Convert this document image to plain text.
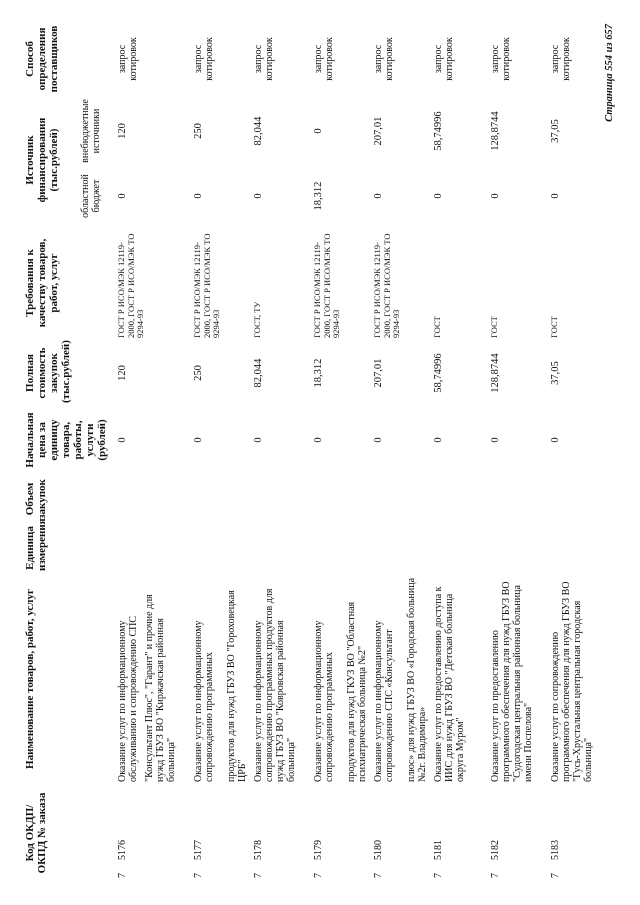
Код ОКДП/ ОКПД № заказа	Наименование товаров, работ, услуг	Единица измерения	Объем закупок	Начальная цена за единицу товара, работы, услуги (рублей)	Полная стоимость закупок (тыс.рублей)	Требования к качеству товаров, работ, услуг	Источник финансирования (тыс.рублей)		Способ определения поставщиков
							областной бюджет	внебюджетные источники	
75176	Оказание услуг по информационному обслуживанию и сопровождению СПС "Консультант Плюс", "Гарант" и прочие для нужд ГБУЗ ВО "Киржачская районная больница"			0	120	ГОСТ Р ИСО/МЭК 12119-2000, ГОСТ Р ИСО/МЭК ТО 9294-93	0	120	запрос котировок
75177	Оказание услуг по информационному сопровождению программных продуктов для нужд ГБУЗ ВО "Гороховецкая ЦРБ"			0	250	ГОСТ Р ИСО/МЭК 12119-2000, ГОСТ Р ИСО/МЭК ТО 9294-93	0	250	запрос котировок
75178	Оказание услуг по информационному сопровождению программных продуктов для нужд ГБУЗ ВО "Ковровская районная больница"			0	82,044	ГОСТ, ТУ	0	82,044	запрос котировок
75179	Оказание услуг по информационному сопровождению программных продуктов для нужд ГКУЗ ВО "Областная психиатрическая больница №2"			0	18,312	ГОСТ Р ИСО/МЭК 12119-2000, ГОСТ Р ИСО/МЭК ТО 9294-93	18,312	0	запрос котировок
75180	Оказание услуг по информационному сопровождению СПС «Консультант плюс» для нужд ГБУЗ ВО «Городская больница №2г. Владимира»			0	207,01	ГОСТ Р ИСО/МЭК 12119-2000, ГОСТ Р ИСО/МЭК ТО 9294-93	0	207,01	запрос котировок
75181	Оказание услуг по предоставлению доступа к ИИС для нужд ГБУЗ ВО "Детская больница округа Муром"			0	58,74996	ГОСТ	0	58,74996	запрос котировок
75182	Оказание услуг по предоставлению программного обеспечения для нужд ГБУЗ ВО "Судогодская центральная районная больница имени Поспелова"			0	128,8744	ГОСТ	0	128,8744	запрос котировок
75183	Оказание услуг по сопровождению программного обеспечения для нужд ГБУЗ ВО "Гусь-Хрустальная центральная городская больница"			0	37,05	ГОСТ	0	37,05	запрос котировок	Страница 554 из 657
